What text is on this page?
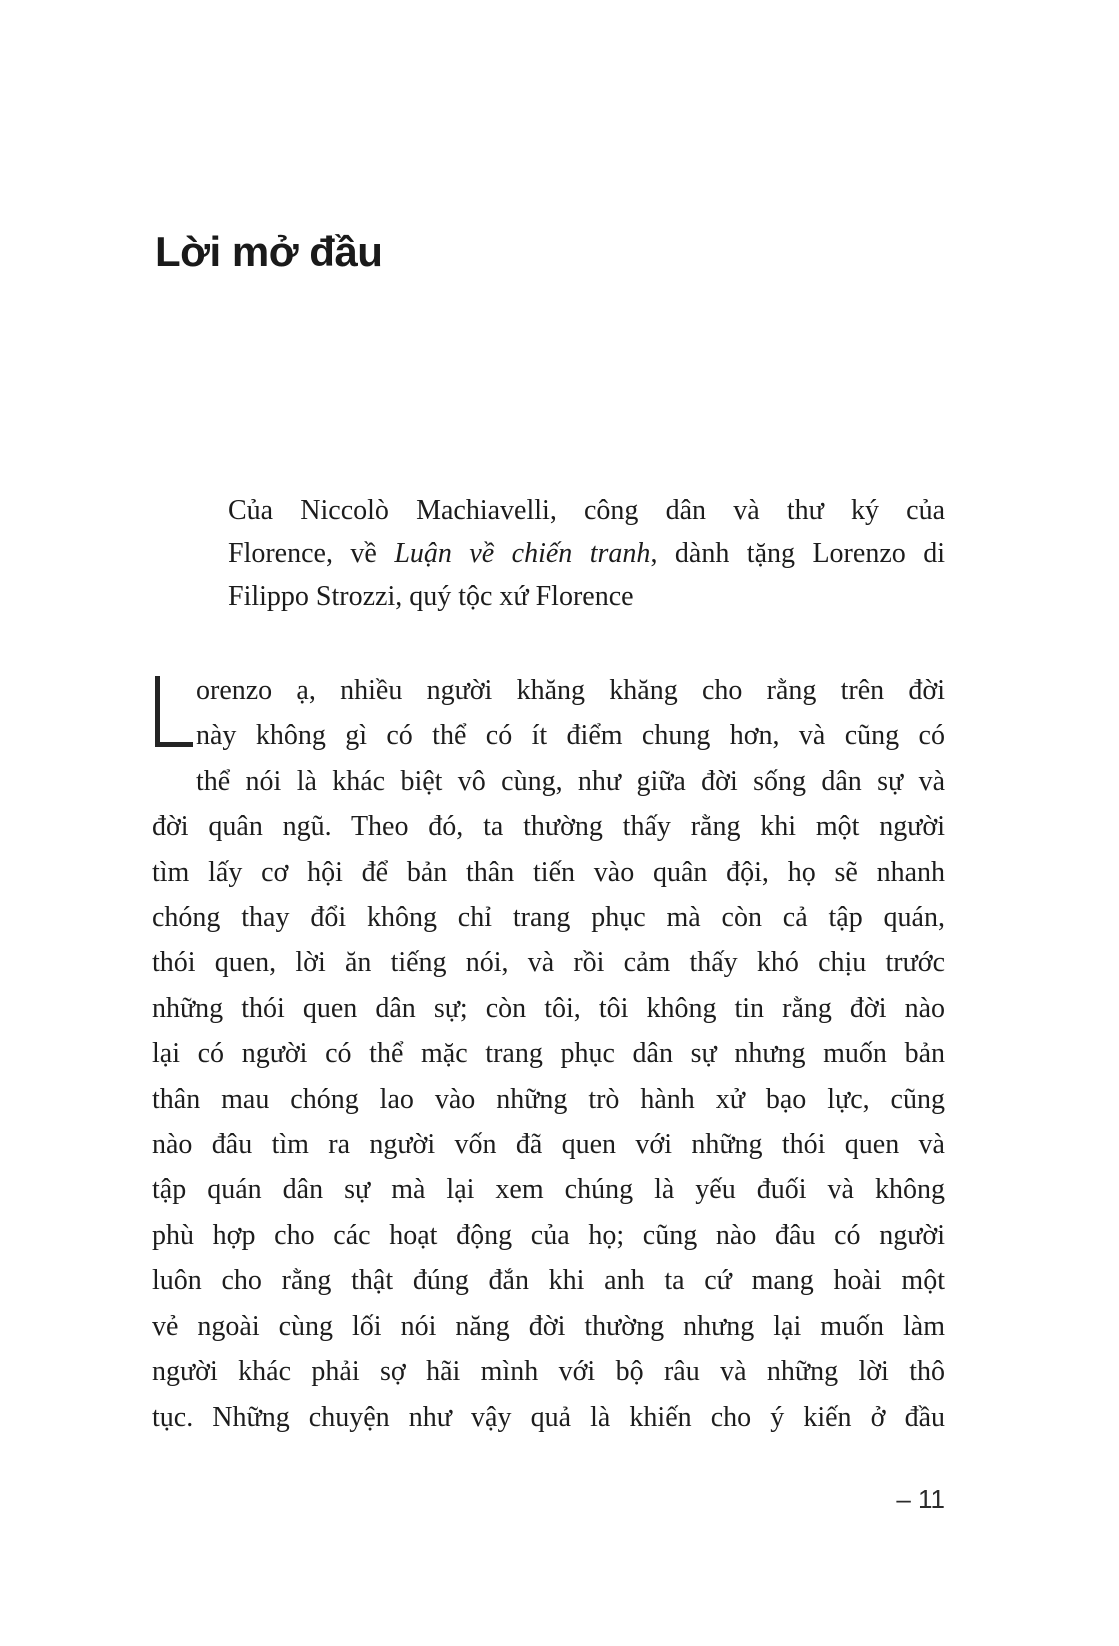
Lời mở đầu
Của Niccolò Machiavelli, công dân và thư ký của
Florence, về Luận về chiến tranh, dành tặng Lorenzo di
Filippo Strozzi, quý tộc xứ Florence
orenzo ạ, nhiều người khăng khăng cho rằng trên đời
này không gì có thể có ít điểm chung hơn, và cũng có
thể nói là khác biệt vô cùng, như giữa đời sống dân sự và
đời quân ngũ. Theo đó, ta thường thấy rằng khi một người
tìm lấy cơ hội để bản thân tiến vào quân đội, họ sẽ nhanh
chóng thay đổi không chỉ trang phục mà còn cả tập quán,
thói quen, lời ăn tiếng nói, và rồi cảm thấy khó chịu trước
những thói quen dân sự; còn tôi, tôi không tin rằng đời nào
lại có người có thể mặc trang phục dân sự nhưng muốn bản
thân mau chóng lao vào những trò hành xử bạo lực, cũng
nào đâu tìm ra người vốn đã quen với những thói quen và
tập quán dân sự mà lại xem chúng là yếu đuối và không
phù hợp cho các hoạt động của họ; cũng nào đâu có người
luôn cho rằng thật đúng đắn khi anh ta cứ mang hoài một
vẻ ngoài cùng lối nói năng đời thường nhưng lại muốn làm
người khác phải sợ hãi mình với bộ râu và những lời thô
tục. Những chuyện như vậy quả là khiến cho ý kiến ở đầu
– 11
